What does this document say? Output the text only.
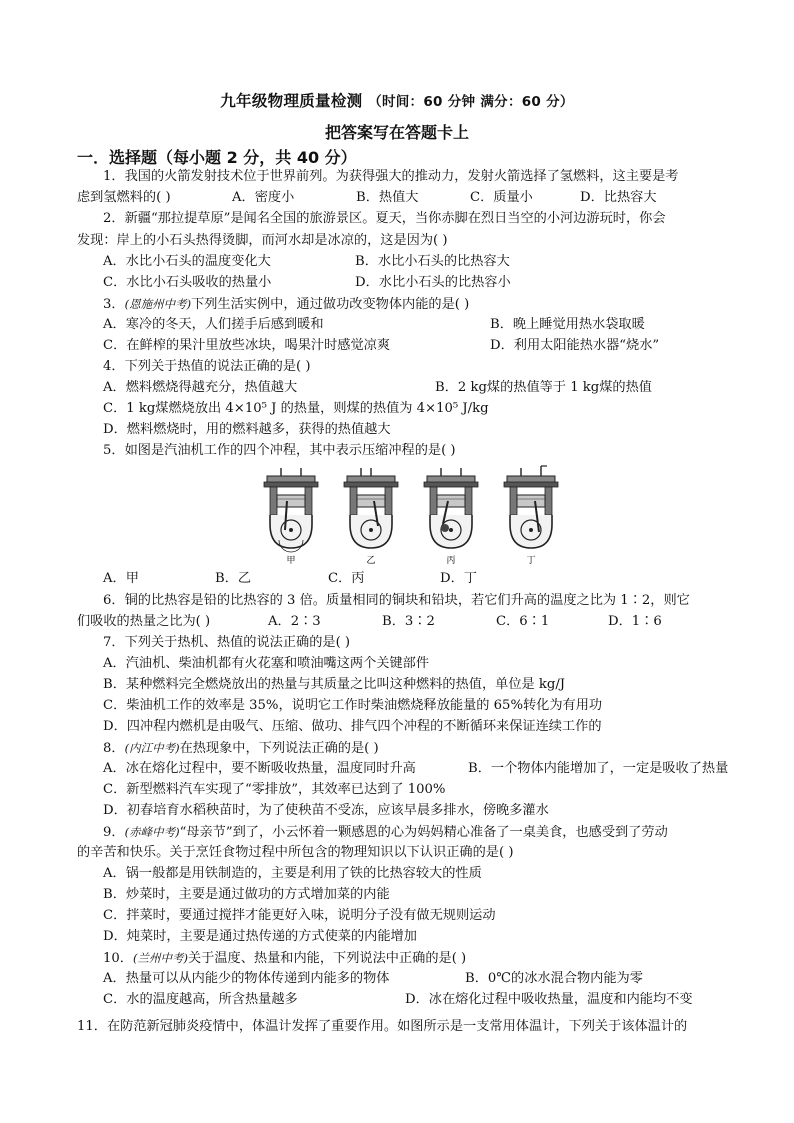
九年级物理质量检测 （时间：60 分钟 满分：60 分）
把答案写在答题卡上
一．选择题（每小题 2 分，共 40 分）
1．我国的火箭发射技术位于世界前列。为获得强大的推动力，发射火箭选择了氢燃料，这主要是考
虑到氢燃料的( )	A．密度小	B．热值大	C．质量小	D．比热容大
2．新疆“那拉提草原”是闻名全国的旅游景区。夏天，当你赤脚在烈日当空的小河边游玩时，你会
发现：岸上的小石头热得烫脚，而河水却是冰凉的，这是因为( )
A．水比小石头的温度变化大	B．水比小石头的比热容大
C．水比小石头吸收的热量小	D．水比小石头的比热容小
3．(恩施州中考)下列生活实例中，通过做功改变物体内能的是( )
A．寒冷的冬天，人们搓手后感到暖和	B．晚上睡觉用热水袋取暖
C．在鲜榨的果汁里放些冰块，喝果汁时感觉凉爽	D．利用太阳能热水器“烧水”
4．下列关于热值的说法正确的是( )
A．燃料燃烧得越充分，热值越大	B．2 kg煤的热值等于 1 kg煤的热值
C．1 kg煤燃烧放出 4×10⁵ J 的热量，则煤的热值为 4×10⁵ J/kg
D．燃料燃烧时，用的燃料越多，获得的热值越大
5．如图是汽油机工作的四个冲程，其中表示压缩冲程的是( )
甲	乙	丙	丁
A．甲	B．乙	C．丙	D．丁
6．铜的比热容是铅的比热容的 3 倍。质量相同的铜块和铅块，若它们升高的温度之比为 1∶2，则它
们吸收的热量之比为( )	A．2∶3	B．3∶2	C．6∶1	D．1∶6
7．下列关于热机、热值的说法正确的是( )
A．汽油机、柴油机都有火花塞和喷油嘴这两个关键部件
B．某种燃料完全燃烧放出的热量与其质量之比叫这种燃料的热值，单位是 kg/J
C．柴油机工作的效率是 35%，说明它工作时柴油燃烧释放能量的 65%转化为有用功
D．四冲程内燃机是由吸气、压缩、做功、排气四个冲程的不断循环来保证连续工作的
8．(内江中考)在热现象中，下列说法正确的是( )
A．冰在熔化过程中，要不断吸收热量，温度同时升高	B．一个物体内能增加了，一定是吸收了热量
C．新型燃料汽车实现了“零排放”，其效率已达到了 100%
D．初春培育水稻秧苗时，为了使秧苗不受冻，应该早晨多排水，傍晚多灌水
9．(赤峰中考)“母亲节”到了，小云怀着一颗感恩的心为妈妈精心准备了一桌美食，也感受到了劳动
的辛苦和快乐。关于烹饪食物过程中所包含的物理知识以下认识正确的是( )
A．锅一般都是用铁制造的，主要是利用了铁的比热容较大的性质
B．炒菜时，主要是通过做功的方式增加菜的内能
C．拌菜时，要通过搅拌才能更好入味，说明分子没有做无规则运动
D．炖菜时，主要是通过热传递的方式使菜的内能增加
10．(兰州中考)关于温度、热量和内能，下列说法中正确的是( )
A．热量可以从内能少的物体传递到内能多的物体	B．0℃的冰水混合物内能为零
C．水的温度越高，所含热量越多	D．冰在熔化过程中吸收热量，温度和内能均不变
11．在防范新冠肺炎疫情中，体温计发挥了重要作用。如图所示是一支常用体温计，下列关于该体温计的
